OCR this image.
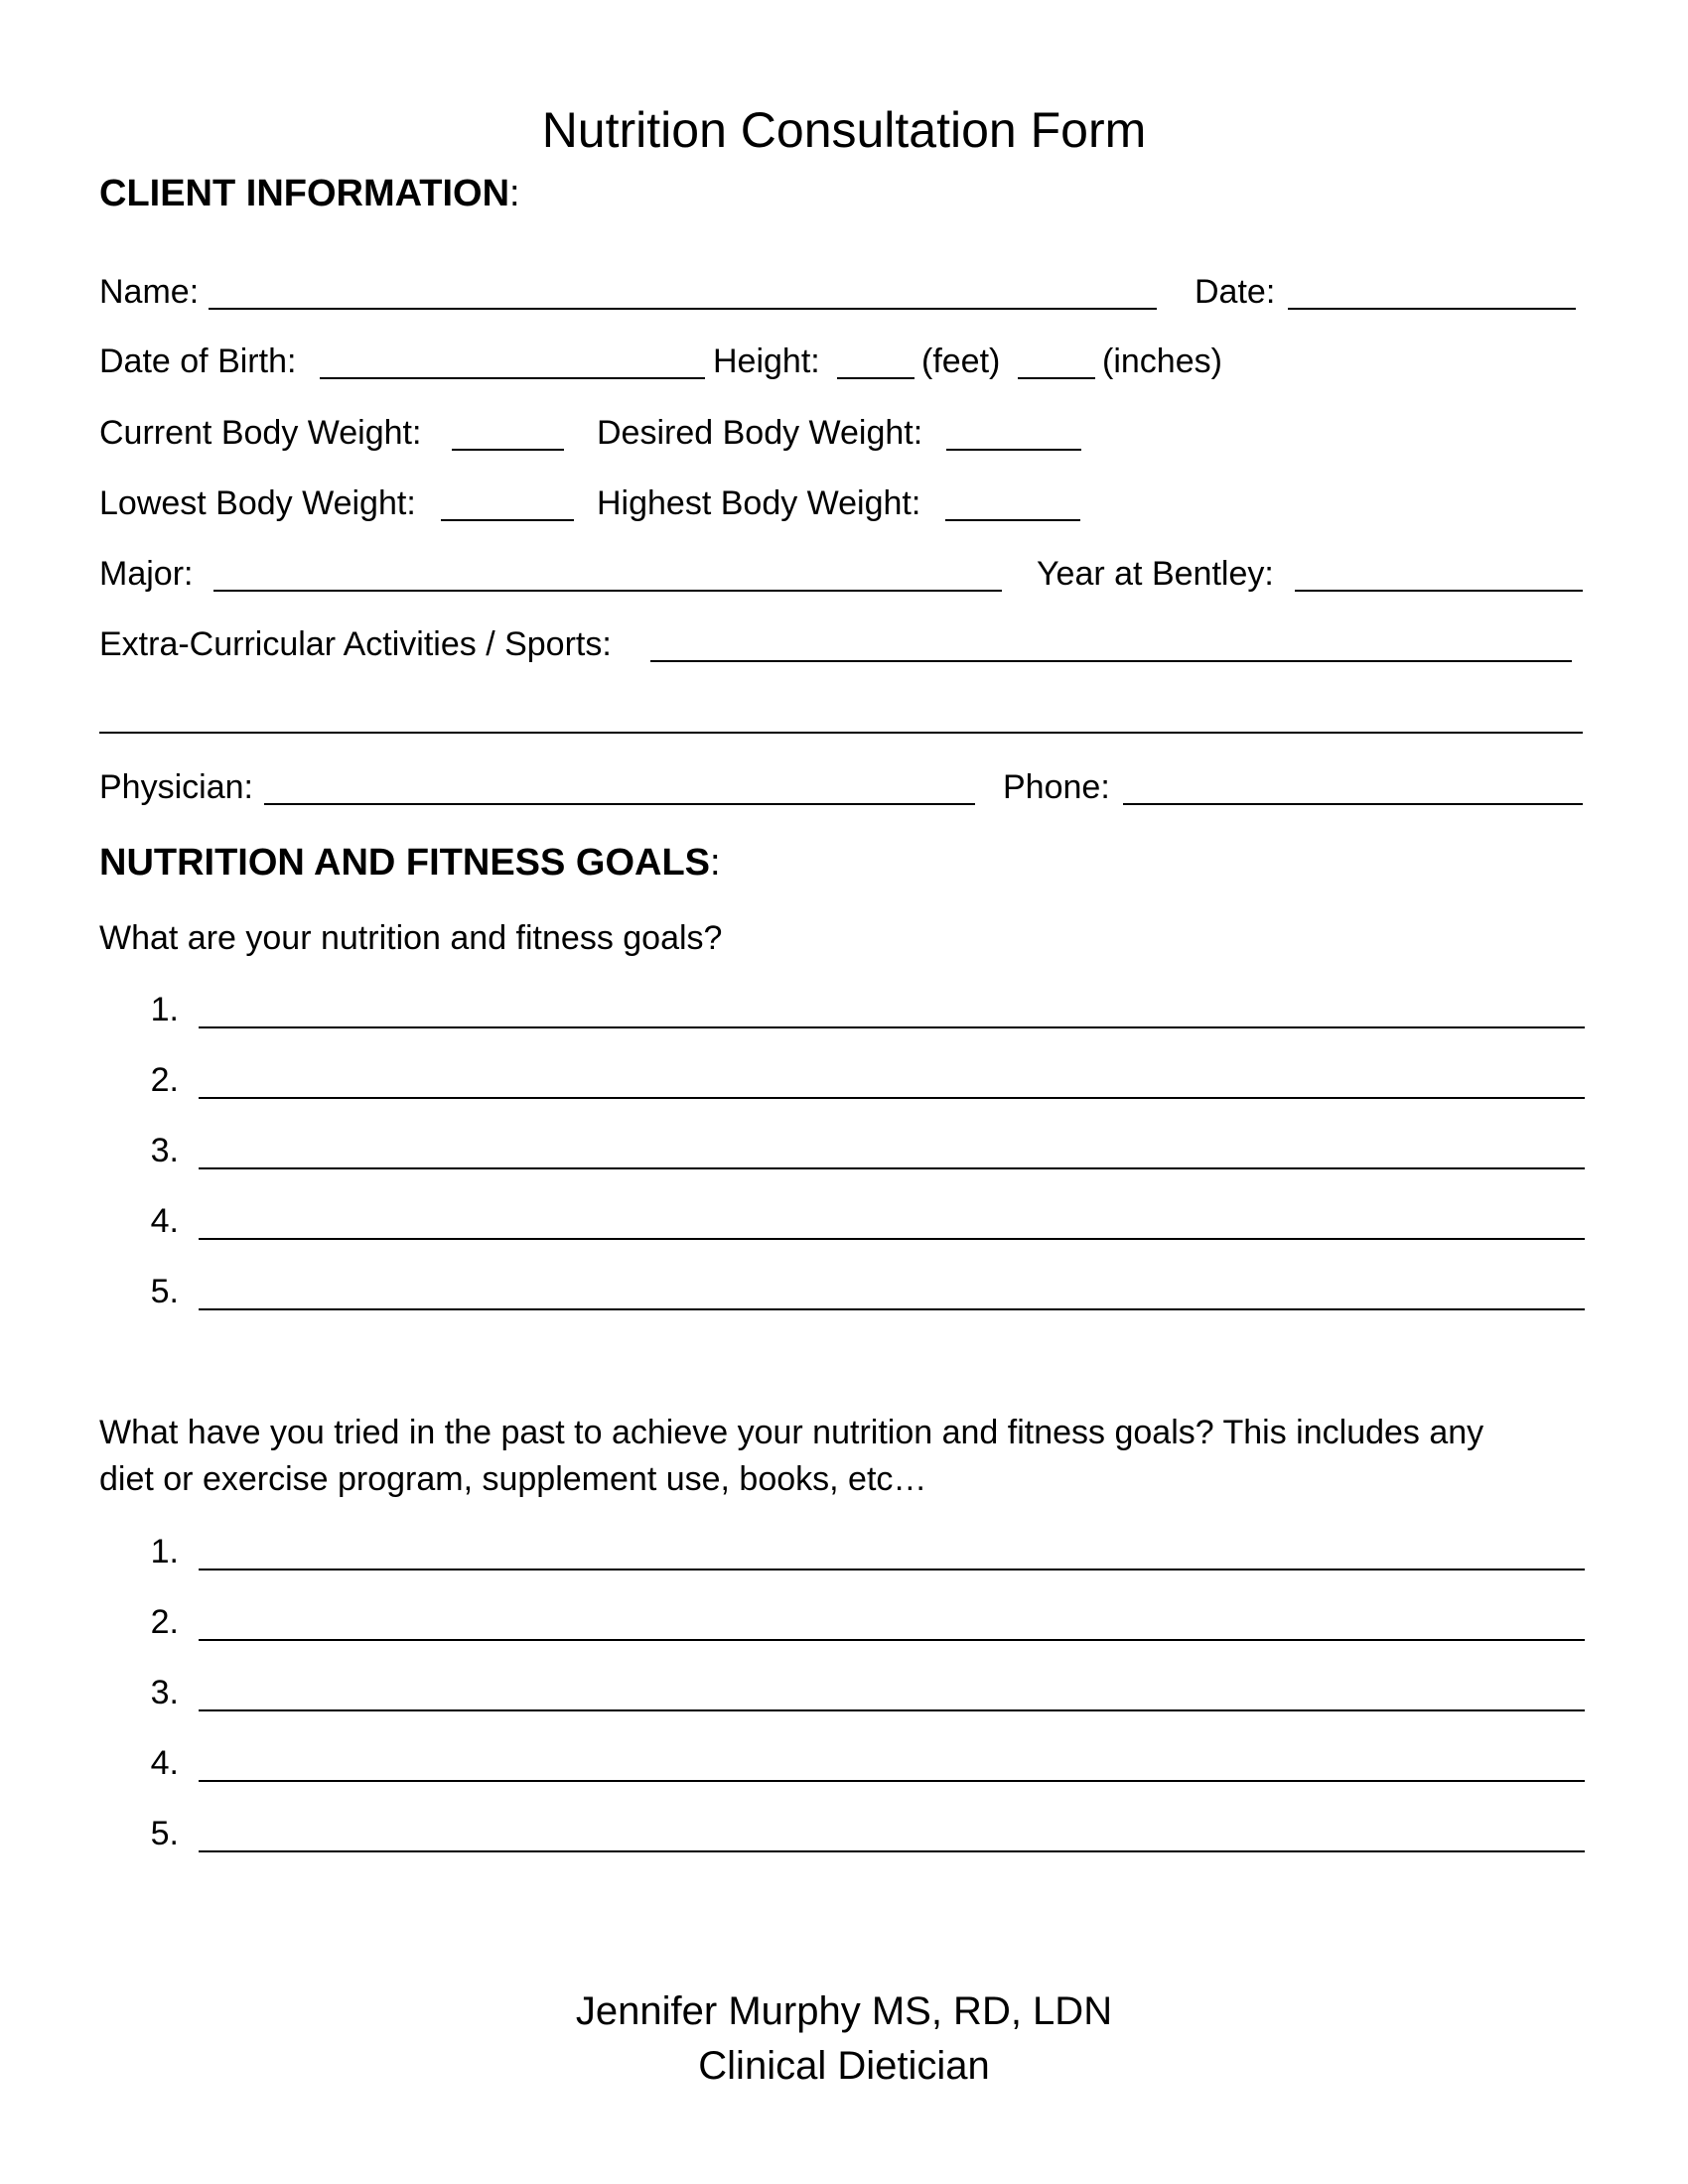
Nutrition Consultation Form
CLIENT INFORMATION:
Name:	Date:
Date of Birth:	Height:	(feet)	(inches)
Current Body Weight:	Desired Body Weight:
Lowest Body Weight:	Highest Body Weight:
Major:	Year at Bentley:
Extra-Curricular Activities / Sports:
Physician:	Phone:
NUTRITION AND FITNESS GOALS:
What are your nutrition and fitness goals?
1.
2.
3.
4.
5.
What have you tried in the past to achieve your nutrition and fitness goals? This includes any
diet or exercise program, supplement use, books, etc…
1.
2.
3.
4.
5.
Jennifer Murphy MS, RD, LDN
Clinical Dietician
